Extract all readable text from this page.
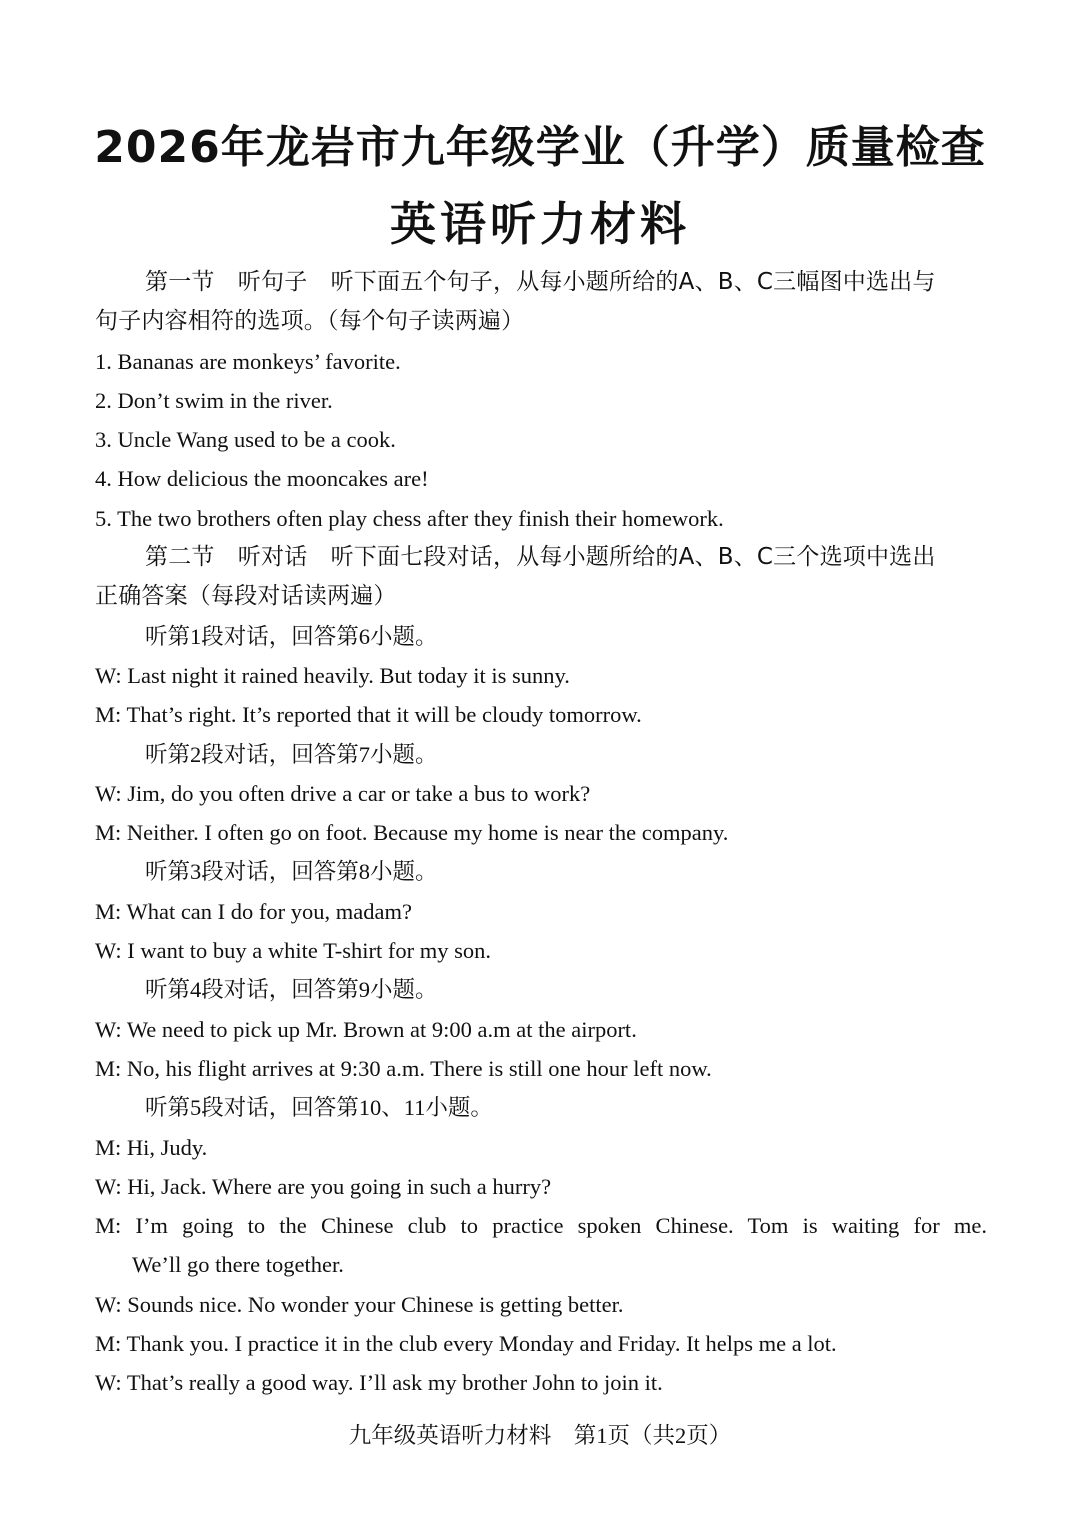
2026年龙岩市九年级学业（升学）质量检查
英语听力材料
第一节　听句子　听下面五个句子，从每小题所给的A、B、C三幅图中选出与
句子内容相符的选项。（每个句子读两遍）
1. Bananas are monkeys’ favorite.
2. Don’t swim in the river.
3. Uncle Wang used to be a cook.
4. How delicious the mooncakes are!
5. The two brothers often play chess after they finish their homework.
第二节　听对话　听下面七段对话，从每小题所给的A、B、C三个选项中选出
正确答案（每段对话读两遍）
听第1段对话，回答第6小题。
W: Last night it rained heavily. But today it is sunny.
M: That’s right. It’s reported that it will be cloudy tomorrow.
听第2段对话，回答第7小题。
W: Jim, do you often drive a car or take a bus to work?
M: Neither. I often go on foot. Because my home is near the company.
听第3段对话，回答第8小题。
M: What can I do for you, madam?
W: I want to buy a white T-shirt for my son.
听第4段对话，回答第9小题。
W: We need to pick up Mr. Brown at 9:00 a.m at the airport.
M: No, his flight arrives at 9:30 a.m. There is still one hour left now.
听第5段对话，回答第10、11小题。
M: Hi, Judy.
W: Hi, Jack. Where are you going in such a hurry?
M: I’m going to the Chinese club to practice spoken Chinese. Tom is waiting for me.
We’ll go there together.
W: Sounds nice. No wonder your Chinese is getting better.
M: Thank you. I practice it in the club every Monday and Friday. It helps me a lot.
W: That’s really a good way. I’ll ask my brother John to join it.
九年级英语听力材料　第1页（共2页）
